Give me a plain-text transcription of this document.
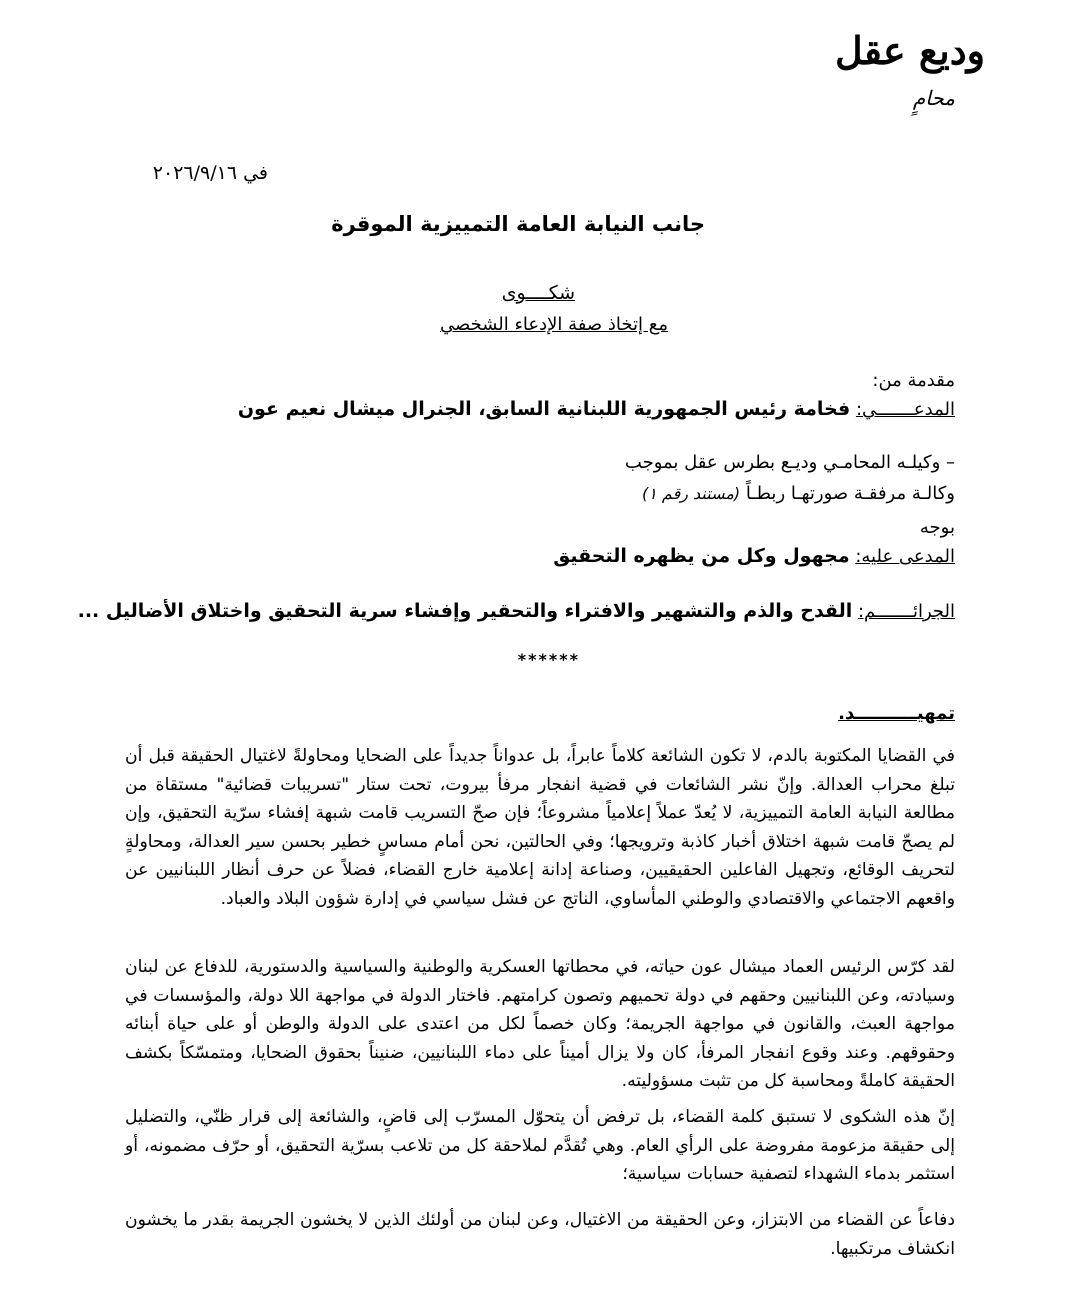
وديع عقل
محامٍ
في ٢٠٢٦/٩/١٦
جانب النيابة العامة التمييزية الموقرة
شكــــوى
مع إتخاذ صفة الإدعاء الشخصي
مقدمة من:
المدعـــــــي: فخامة رئيس الجمهورية اللبنانية السابق، الجنرال ميشال نعيم عون
– وكيلـه المحامـي وديـع بطرس عقل بموجب
وكالـة مرفقـة صورتهـا ربطـاً (مستند رقم ١)
بوجه
المدعى عليه: مجهول وكل من يظهره التحقيق
الجرائـــــــم: القدح والذم والتشهير والافتراء والتحقير وإفشاء سرية التحقيق واختلاق الأضاليل ...
******
تمهيــــــــــد.
في القضايا المكتوبة بالدم، لا تكون الشائعة كلاماً عابراً، بل عدواناً جديداً على الضحايا ومحاولةً لاغتيال الحقيقة قبل أن تبلغ محراب العدالة. وإنّ نشر الشائعات في قضية انفجار مرفأ بيروت، تحت ستار "تسريبات قضائية" مستقاة من مطالعة النيابة العامة التمييزية، لا يُعدّ عملاً إعلامياً مشروعاً؛ فإن صحّ التسريب قامت شبهة إفشاء سرّية التحقيق، وإن لم يصحّ قامت شبهة اختلاق أخبار كاذبة وترويجها؛ وفي الحالتين، نحن أمام مساسٍ خطير بحسن سير العدالة، ومحاولةٍ لتحريف الوقائع، وتجهيل الفاعلين الحقيقيين، وصناعة إدانة إعلامية خارج القضاء، فضلاً عن حرف أنظار اللبنانيين عن واقعهم الاجتماعي والاقتصادي والوطني المأساوي، الناتج عن فشل سياسي في إدارة شؤون البلاد والعباد.
لقد كرّس الرئيس العماد ميشال عون حياته، في محطاتها العسكرية والوطنية والسياسية والدستورية، للدفاع عن لبنان وسيادته، وعن اللبنانيين وحقهم في دولة تحميهم وتصون كرامتهم. فاختار الدولة في مواجهة اللا دولة، والمؤسسات في مواجهة العبث، والقانون في مواجهة الجريمة؛ وكان خصماً لكل من اعتدى على الدولة والوطن أو على حياة أبنائه وحقوقهم. وعند وقوع انفجار المرفأ، كان ولا يزال أميناً على دماء اللبنانيين، ضنيناً بحقوق الضحايا، ومتمسّكاً بكشف الحقيقة كاملةً ومحاسبة كل من تثبت مسؤوليته.
إنّ هذه الشكوى لا تستبق كلمة القضاء، بل ترفض أن يتحوّل المسرّب إلى قاضٍ، والشائعة إلى قرار ظنّي، والتضليل إلى حقيقة مزعومة مفروضة على الرأي العام. وهي تُقدَّم لملاحقة كل من تلاعب بسرّية التحقيق، أو حرّف مضمونه، أو استثمر بدماء الشهداء لتصفية حسابات سياسية؛
دفاعاً عن القضاء من الابتزاز، وعن الحقيقة من الاغتيال، وعن لبنان من أولئك الذين لا يخشون الجريمة بقدر ما يخشون انكشاف مرتكبيها.
